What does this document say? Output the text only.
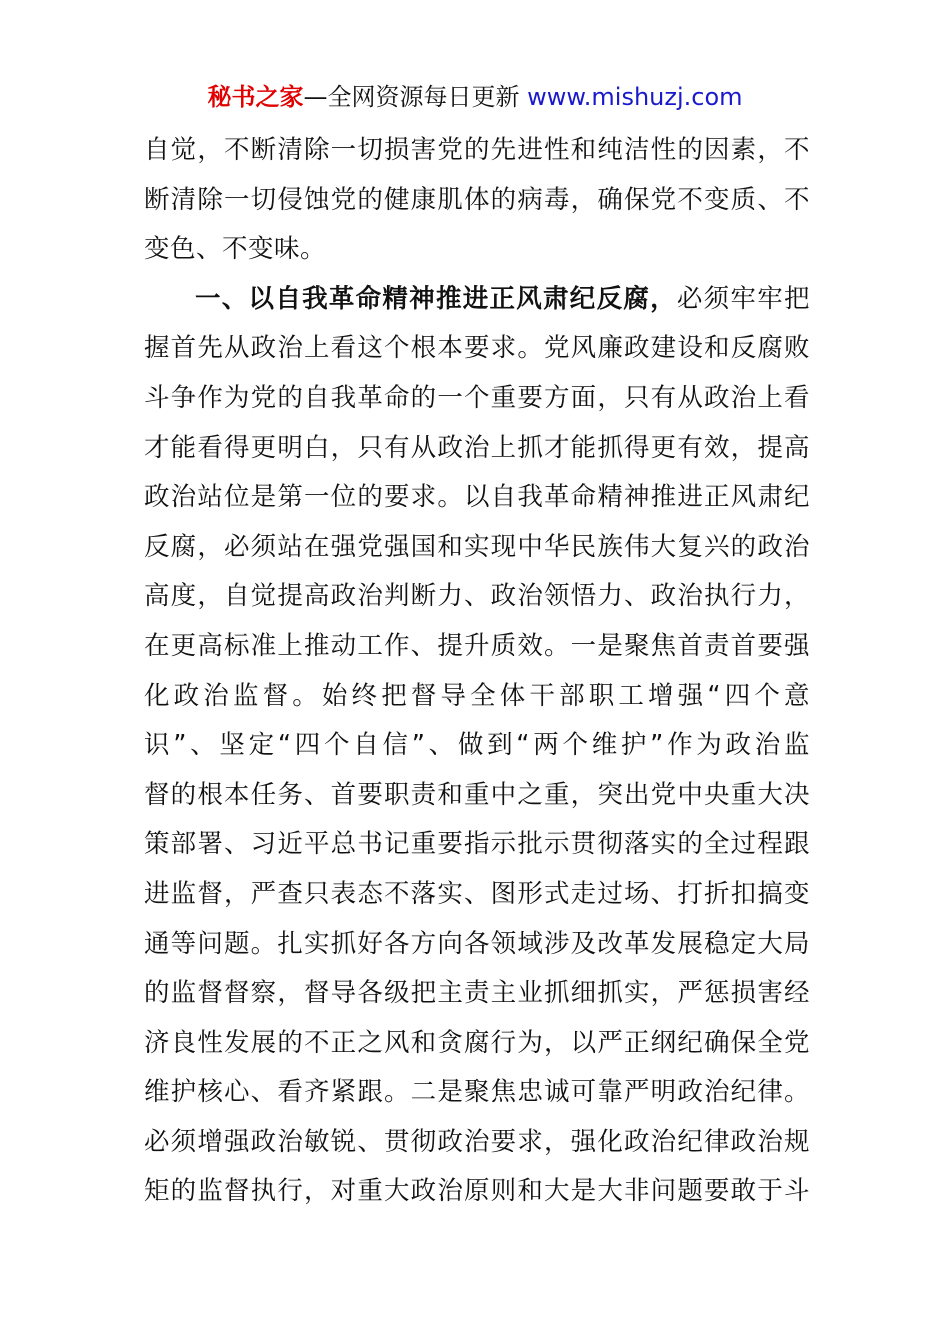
秘书之家—全网资源每日更新 www.mishuzj.com
自觉，不断清除一切损害党的先进性和纯洁性的因素，不
断清除一切侵蚀党的健康肌体的病毒，确保党不变质、不
变色、不变味。
一、以自我革命精神推进正风肃纪反腐，必须牢牢把
握首先从政治上看这个根本要求。党风廉政建设和反腐败
斗争作为党的自我革命的一个重要方面，只有从政治上看
才能看得更明白，只有从政治上抓才能抓得更有效，提高
政治站位是第一位的要求。以自我革命精神推进正风肃纪
反腐，必须站在强党强国和实现中华民族伟大复兴的政治
高度，自觉提高政治判断力、政治领悟力、政治执行力，
在更高标准上推动工作、提升质效。一是聚焦首责首要强
化政治监督。始终把督导全体干部职工增强“四个意
识”、坚定“四个自信”、做到“两个维护”作为政治监
督的根本任务、首要职责和重中之重，突出党中央重大决
策部署、习近平总书记重要指示批示贯彻落实的全过程跟
进监督，严查只表态不落实、图形式走过场、打折扣搞变
通等问题。扎实抓好各方向各领域涉及改革发展稳定大局
的监督督察，督导各级把主责主业抓细抓实，严惩损害经
济良性发展的不正之风和贪腐行为，以严正纲纪确保全党
维护核心、看齐紧跟。二是聚焦忠诚可靠严明政治纪律。
必须增强政治敏锐、贯彻政治要求，强化政治纪律政治规
矩的监督执行，对重大政治原则和大是大非问题要敢于斗
